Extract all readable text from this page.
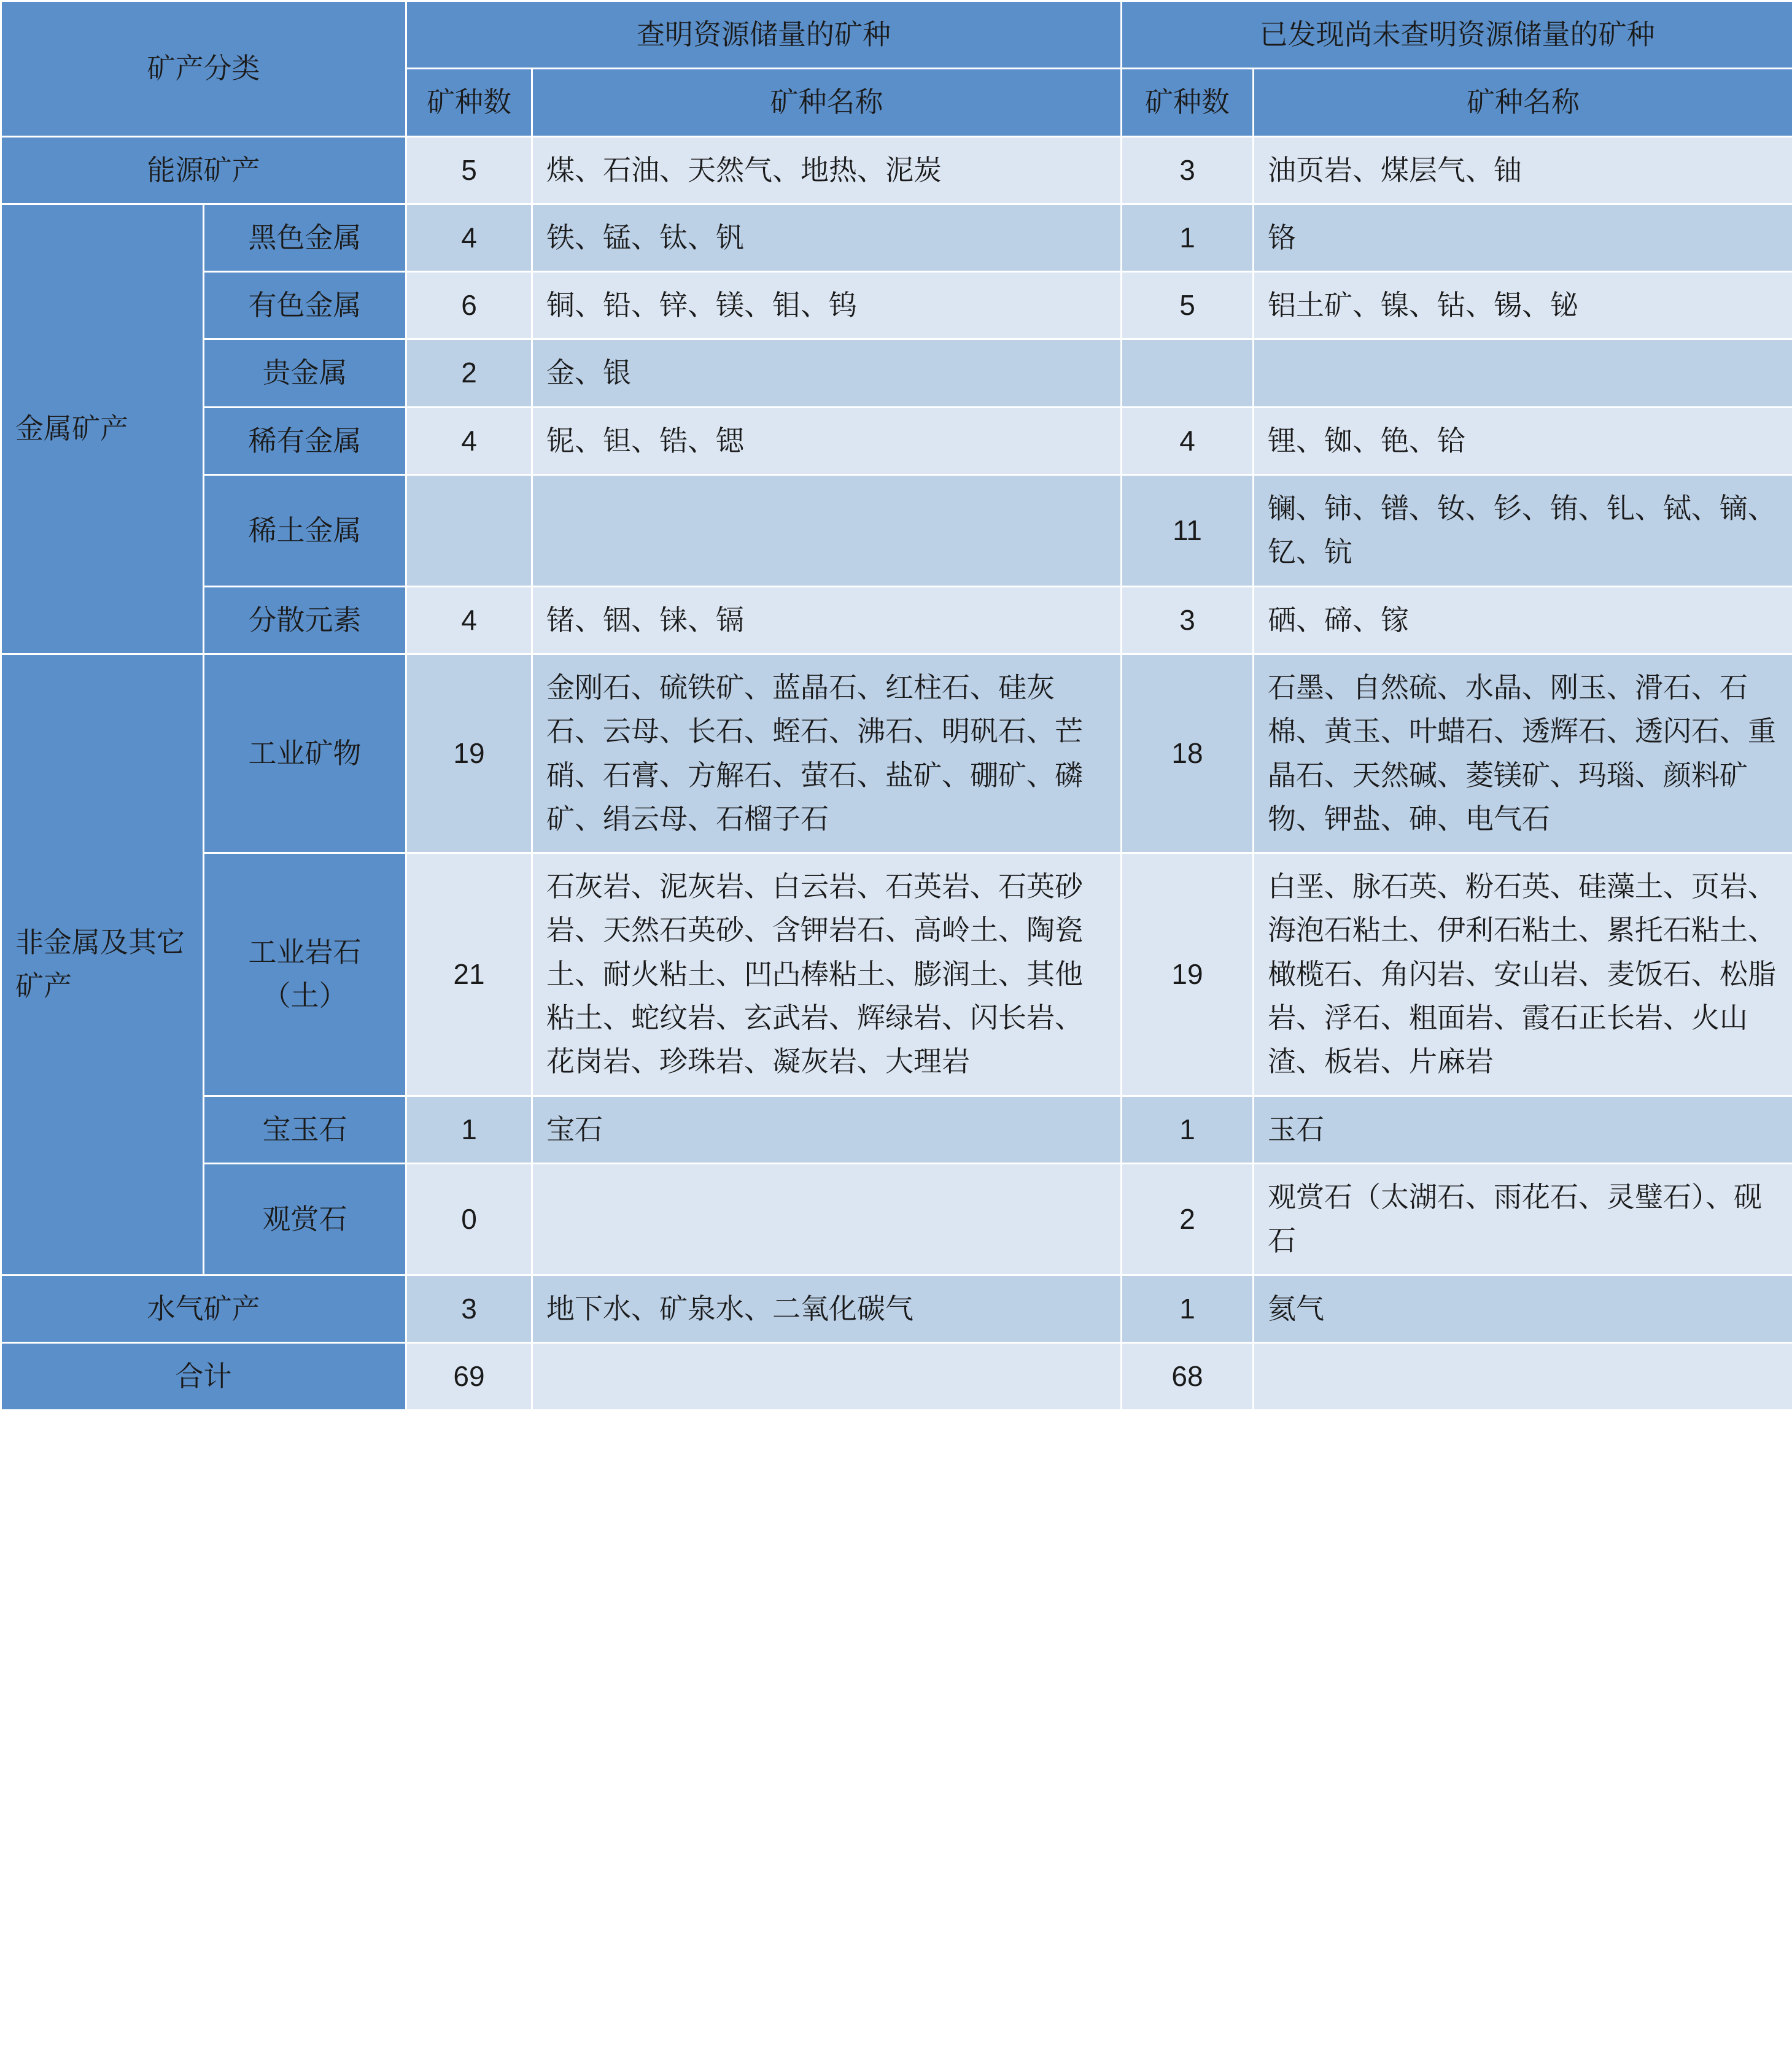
矿产分类		查明资源储量的矿种		已发现尚未查明资源储量的矿种	
		矿种数	矿种名称	矿种数	矿种名称
能源矿产		5	煤、石油、天然气、地热、泥炭	3	油页岩、煤层气、铀
金属矿产	黑色金属	4	铁、锰、钛、钒	1	铬
	有色金属	6	铜、铅、锌、镁、钼、钨	5	铝土矿、镍、钴、锡、铋
	贵金属	2	金、银		
	稀有金属	4	铌、钽、锆、锶	4	锂、铷、铯、铪
	稀土金属			11	镧、铈、镨、钕、钐、铕、钆、铽、镝、钇、钪
	分散元素	4	锗、铟、铼、镉	3	硒、碲、镓
非金属及其它矿产	工业矿物	19	金刚石、硫铁矿、蓝晶石、红柱石、硅灰石、云母、长石、蛭石、沸石、明矾石、芒硝、石膏、方解石、萤石、盐矿、硼矿、磷矿、绢云母、石榴子石	18	石墨、自然硫、水晶、刚玉、滑石、石棉、黄玉、叶蜡石、透辉石、透闪石、重晶石、天然碱、菱镁矿、玛瑙、颜料矿物、钾盐、砷、电气石
	工业岩石（土）	21	石灰岩、泥灰岩、白云岩、石英岩、石英砂岩、天然石英砂、含钾岩石、高岭土、陶瓷土、耐火粘土、凹凸棒粘土、膨润土、其他粘土、蛇纹岩、玄武岩、辉绿岩、闪长岩、花岗岩、珍珠岩、凝灰岩、大理岩	19	白垩、脉石英、粉石英、硅藻土、页岩、海泡石粘土、伊利石粘土、累托石粘土、橄榄石、角闪岩、安山岩、麦饭石、松脂岩、浮石、粗面岩、霞石正长岩、火山渣、板岩、片麻岩
	宝玉石	1	宝石	1	玉石
	观赏石	0		2	观赏石（太湖石、雨花石、灵璧石）、砚石
水气矿产		3	地下水、矿泉水、二氧化碳气	1	氦气
合计		69		68	
